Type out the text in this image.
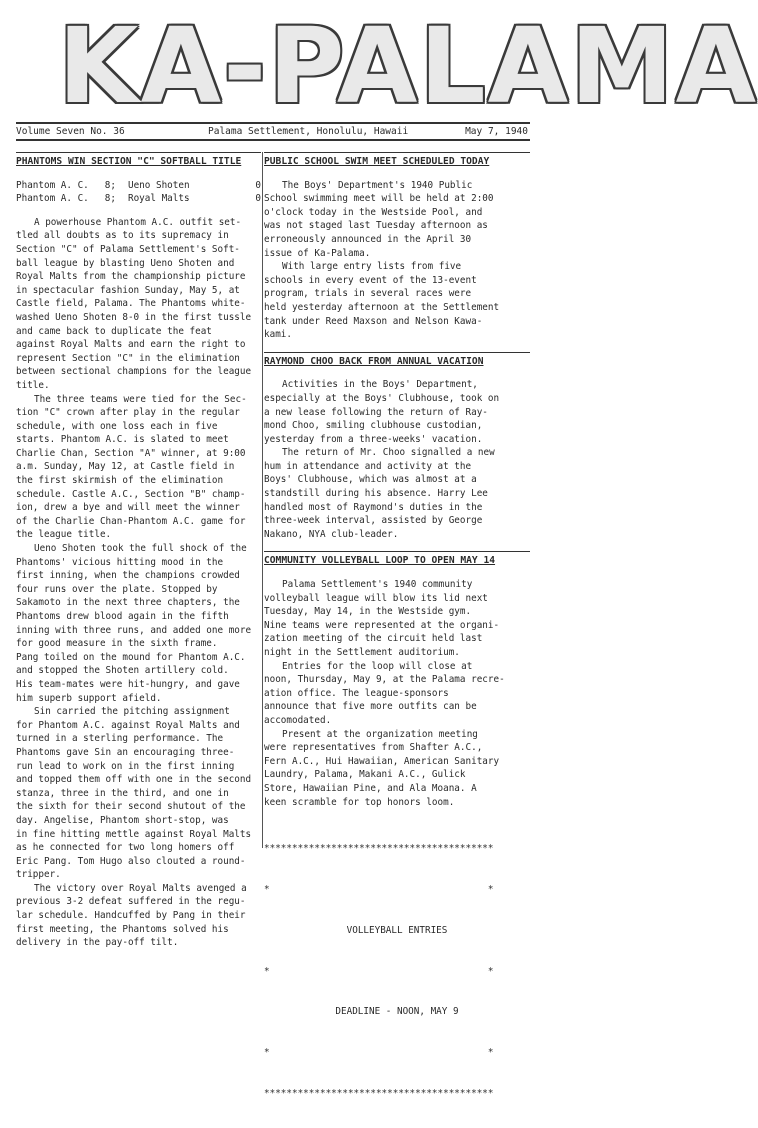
KA-PALAMA
Volume Seven No. 36	Palama Settlement, Honolulu, Hawaii	May 7, 1940
PHANTOMS WIN SECTION "C" SOFTBALL TITLE
Phantom A. C.	8;	Ueno Shoten	0
Phantom A. C.	8;	Royal Malts	0

A powerhouse Phantom A.C. outfit set-
tled all doubts as to its supremacy in
Section "C" of Palama Settlement's Soft-
ball league by blasting Ueno Shoten and
Royal Malts from the championship picture
in spectacular fashion Sunday, May 5, at
Castle field, Palama. The Phantoms white-
washed Ueno Shoten 8-0 in the first tussle
and came back to duplicate the feat
against Royal Malts and earn the right to
represent Section "C" in the elimination
between sectional champions for the league
title.

The three teams were tied for the Sec-
tion "C" crown after play in the regular
schedule, with one loss each in five
starts. Phantom A.C. is slated to meet
Charlie Chan, Section "A" winner, at 9:00
a.m. Sunday, May 12, at Castle field in
the first skirmish of the elimination
schedule. Castle A.C., Section "B" champ-
ion, drew a bye and will meet the winner
of the Charlie Chan-Phantom A.C. game for
the league title.

Ueno Shoten took the full shock of the
Phantoms' vicious hitting mood in the
first inning, when the champions crowded
four runs over the plate. Stopped by
Sakamoto in the next three chapters, the
Phantoms drew blood again in the fifth
inning with three runs, and added one more
for good measure in the sixth frame.
Pang toiled on the mound for Phantom A.C.
and stopped the Shoten artillery cold.
His team-mates were hit-hungry, and gave
him superb support afield.

Sin carried the pitching assignment
for Phantom A.C. against Royal Malts and
turned in a sterling performance. The
Phantoms gave Sin an encouraging three-
run lead to work on in the first inning
and topped them off with one in the second
stanza, three in the third, and one in
the sixth for their second shutout of the
day. Angelise, Phantom short-stop, was
in fine hitting mettle against Royal Malts
as he connected for two long homers off
Eric Pang. Tom Hugo also clouted a round-
tripper.

The victory over Royal Malts avenged a
previous 3-2 defeat suffered in the regu-
lar schedule. Handcuffed by Pang in their
first meeting, the Phantoms solved his
delivery in the pay-off tilt.

PUBLIC SCHOOL SWIM MEET SCHEDULED TODAY

The Boys' Department's 1940 Public
School swimming meet will be held at 2:00
o'clock today in the Westside Pool, and
was not staged last Tuesday afternoon as
erroneously announced in the April 30
issue of Ka-Palama.

With large entry lists from five
schools in every event of the 13-event
program, trials in several races were
held yesterday afternoon at the Settlement
tank under Reed Maxson and Nelson Kawa-
kami.

RAYMOND CHOO BACK FROM ANNUAL VACATION

Activities in the Boys' Department,
especially at the Boys' Clubhouse, took on
a new lease following the return of Ray-
mond Choo, smiling clubhouse custodian,
yesterday from a three-weeks' vacation.

The return of Mr. Choo signalled a new
hum in attendance and activity at the
Boys' Clubhouse, which was almost at a
standstill during his absence. Harry Lee
handled most of Raymond's duties in the
three-week interval, assisted by George
Nakano, NYA club-leader.

COMMUNITY VOLLEYBALL LOOP TO OPEN MAY 14

Palama Settlement's 1940 community
volleyball league will blow its lid next
Tuesday, May 14, in the Westside gym.
Nine teams were represented at the organi-
zation meeting of the circuit held last
night in the Settlement auditorium.

Entries for the loop will close at
noon, Thursday, May 9, at the Palama recre-
ation office. The league-sponsors
announce that five more outfits can be
accomodated.

Present at the organization meeting
were representatives from Shafter A.C.,
Fern A.C., Hui Hawaiian, American Sanitary
Laundry, Palama, Makani A.C., Gulick
Store, Hawaiian Pine, and Ala Moana. A
keen scramble for top honors loom.

*****************************************

*                                       *

VOLLEYBALL ENTRIES

*                                       *

DEADLINE - NOON, MAY 9

*                                       *

*****************************************
